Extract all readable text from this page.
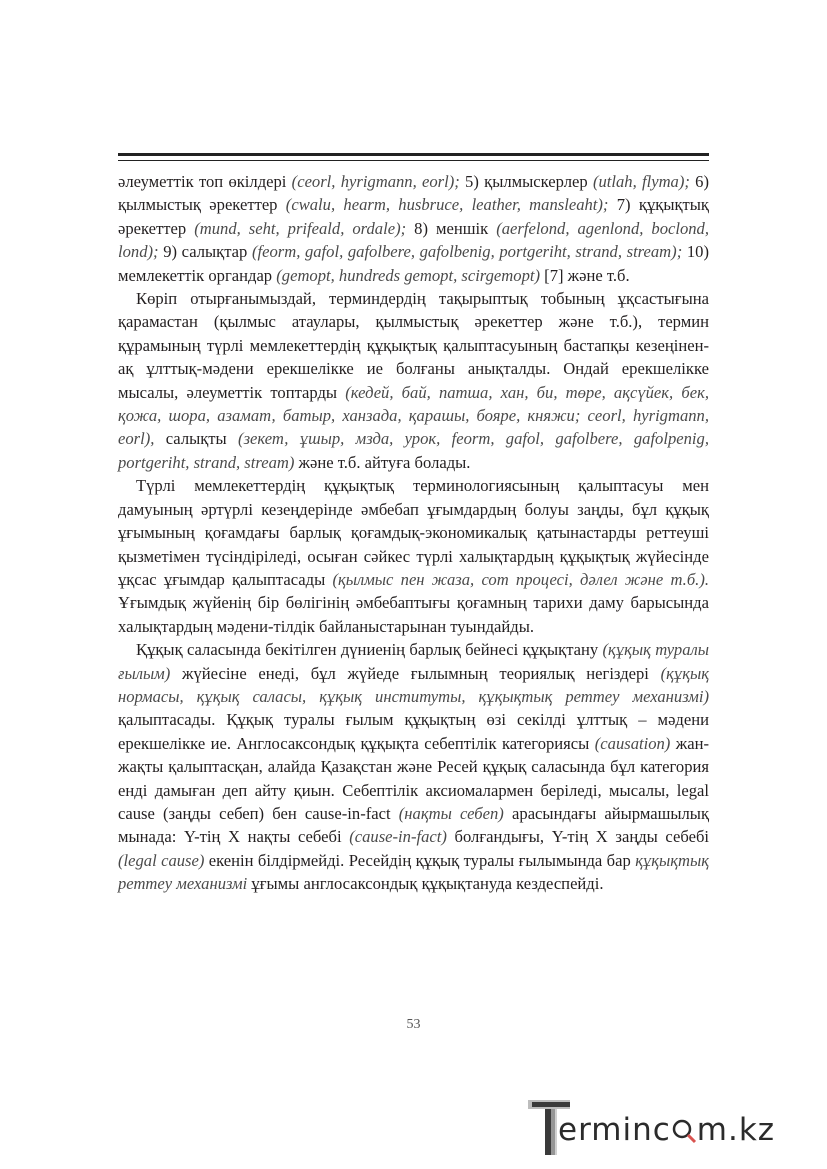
әлеуметтік топ өкілдері (ceorl, hyrigmann, eorl); 5) қылмыскерлер (utlah, flyma); 6) қылмыстық әрекеттер (cwalu, hearm, husbruce, leather, mansleaht); 7) құқықтық әрекеттер (mund, seht, prifeald, ordale); 8) меншік (aerfelond, agenlond, boclond, lond); 9) салықтар (feorm, gafol, gafolbere, gafolbenig, portgeriht, strand, stream); 10) мемлекеттік органдар (gemopt, hundreds gemopt, scirgemopt) [7] және т.б.

Көріп отырғанымыздай, терминдердің тақырыптық тобының ұқсастығына қарамастан (қылмыс атаулары, қылмыстық әрекеттер және т.б.), термин құрамының түрлі мемлекеттердің құқықтық қалыптасуының бастапқы кезеңінен-ақ ұлттық-мәдени ерекшелікке ие болғаны анықталды. Ондай ерекшелікке мысалы, әлеуметтік топтарды (кедей, бай, патша, хан, би, төре, ақсүйек, бек, қожа, шора, азамат, батыр, ханзада, қарашы, бояре, княжи; ceorl, hyrigmann, eorl), салықты (зекет, ұшыр, мзда, урок, feorm, gafol, gafolbere, gafolpenig, portgeriht, strand, stream) және т.б. айтуға болады.

Түрлі мемлекеттердің құқықтық терминологиясының қалыптасуы мен дамуының әртүрлі кезеңдерінде әмбебап ұғымдардың болуы заңды, бұл құқық ұғымының қоғамдағы барлық қоғамдық-экономикалық қатынастарды реттеуші қызметімен түсіндіріледі, осыған сәйкес түрлі халықтардың құқықтық жүйесінде ұқсас ұғымдар қалыптасады (қылмыс пен жаза, сот процесі, дәлел және т.б.). Ұғымдық жүйенің бір бөлігінің әмбебаптығы қоғамның тарихи даму барысында халықтардың мәдени-тілдік байланыстарынан туындайды.

Құқық саласында бекітілген дүниенің барлық бейнесі құқықтану (құқық туралы ғылым) жүйесіне енеді, бұл жүйеде ғылымның теориялық негіздері (құқық нормасы, құқық саласы, құқық институты, құқықтық реттеу механизмі) қалыптасады. Құқық туралы ғылым құқықтың өзі секілді ұлттық – мәдени ерекшелікке ие. Англосаксондық құқықта себептілік категориясы (causation) жан-жақты қалыптасқан, алайда Қазақстан және Ресей құқық саласында бұл категория енді дамыған деп айту қиын. Себептілік аксиомалармен беріледі, мысалы, legal cause (заңды себеп) бен cause-in-fact (нақты себеп) арасындағы айырмашылық мынада: Y-тің Х нақты себебі (cause-in-fact) болғандығы, Y-тің Х заңды себебі (legal cause) екенін білдірмейді. Ресейдің құқық туралы ғылымында бар құқықтық реттеу механизмі ұғымы англосаксондық құқықтануда кездеспейді.

53
erminc m.kz
